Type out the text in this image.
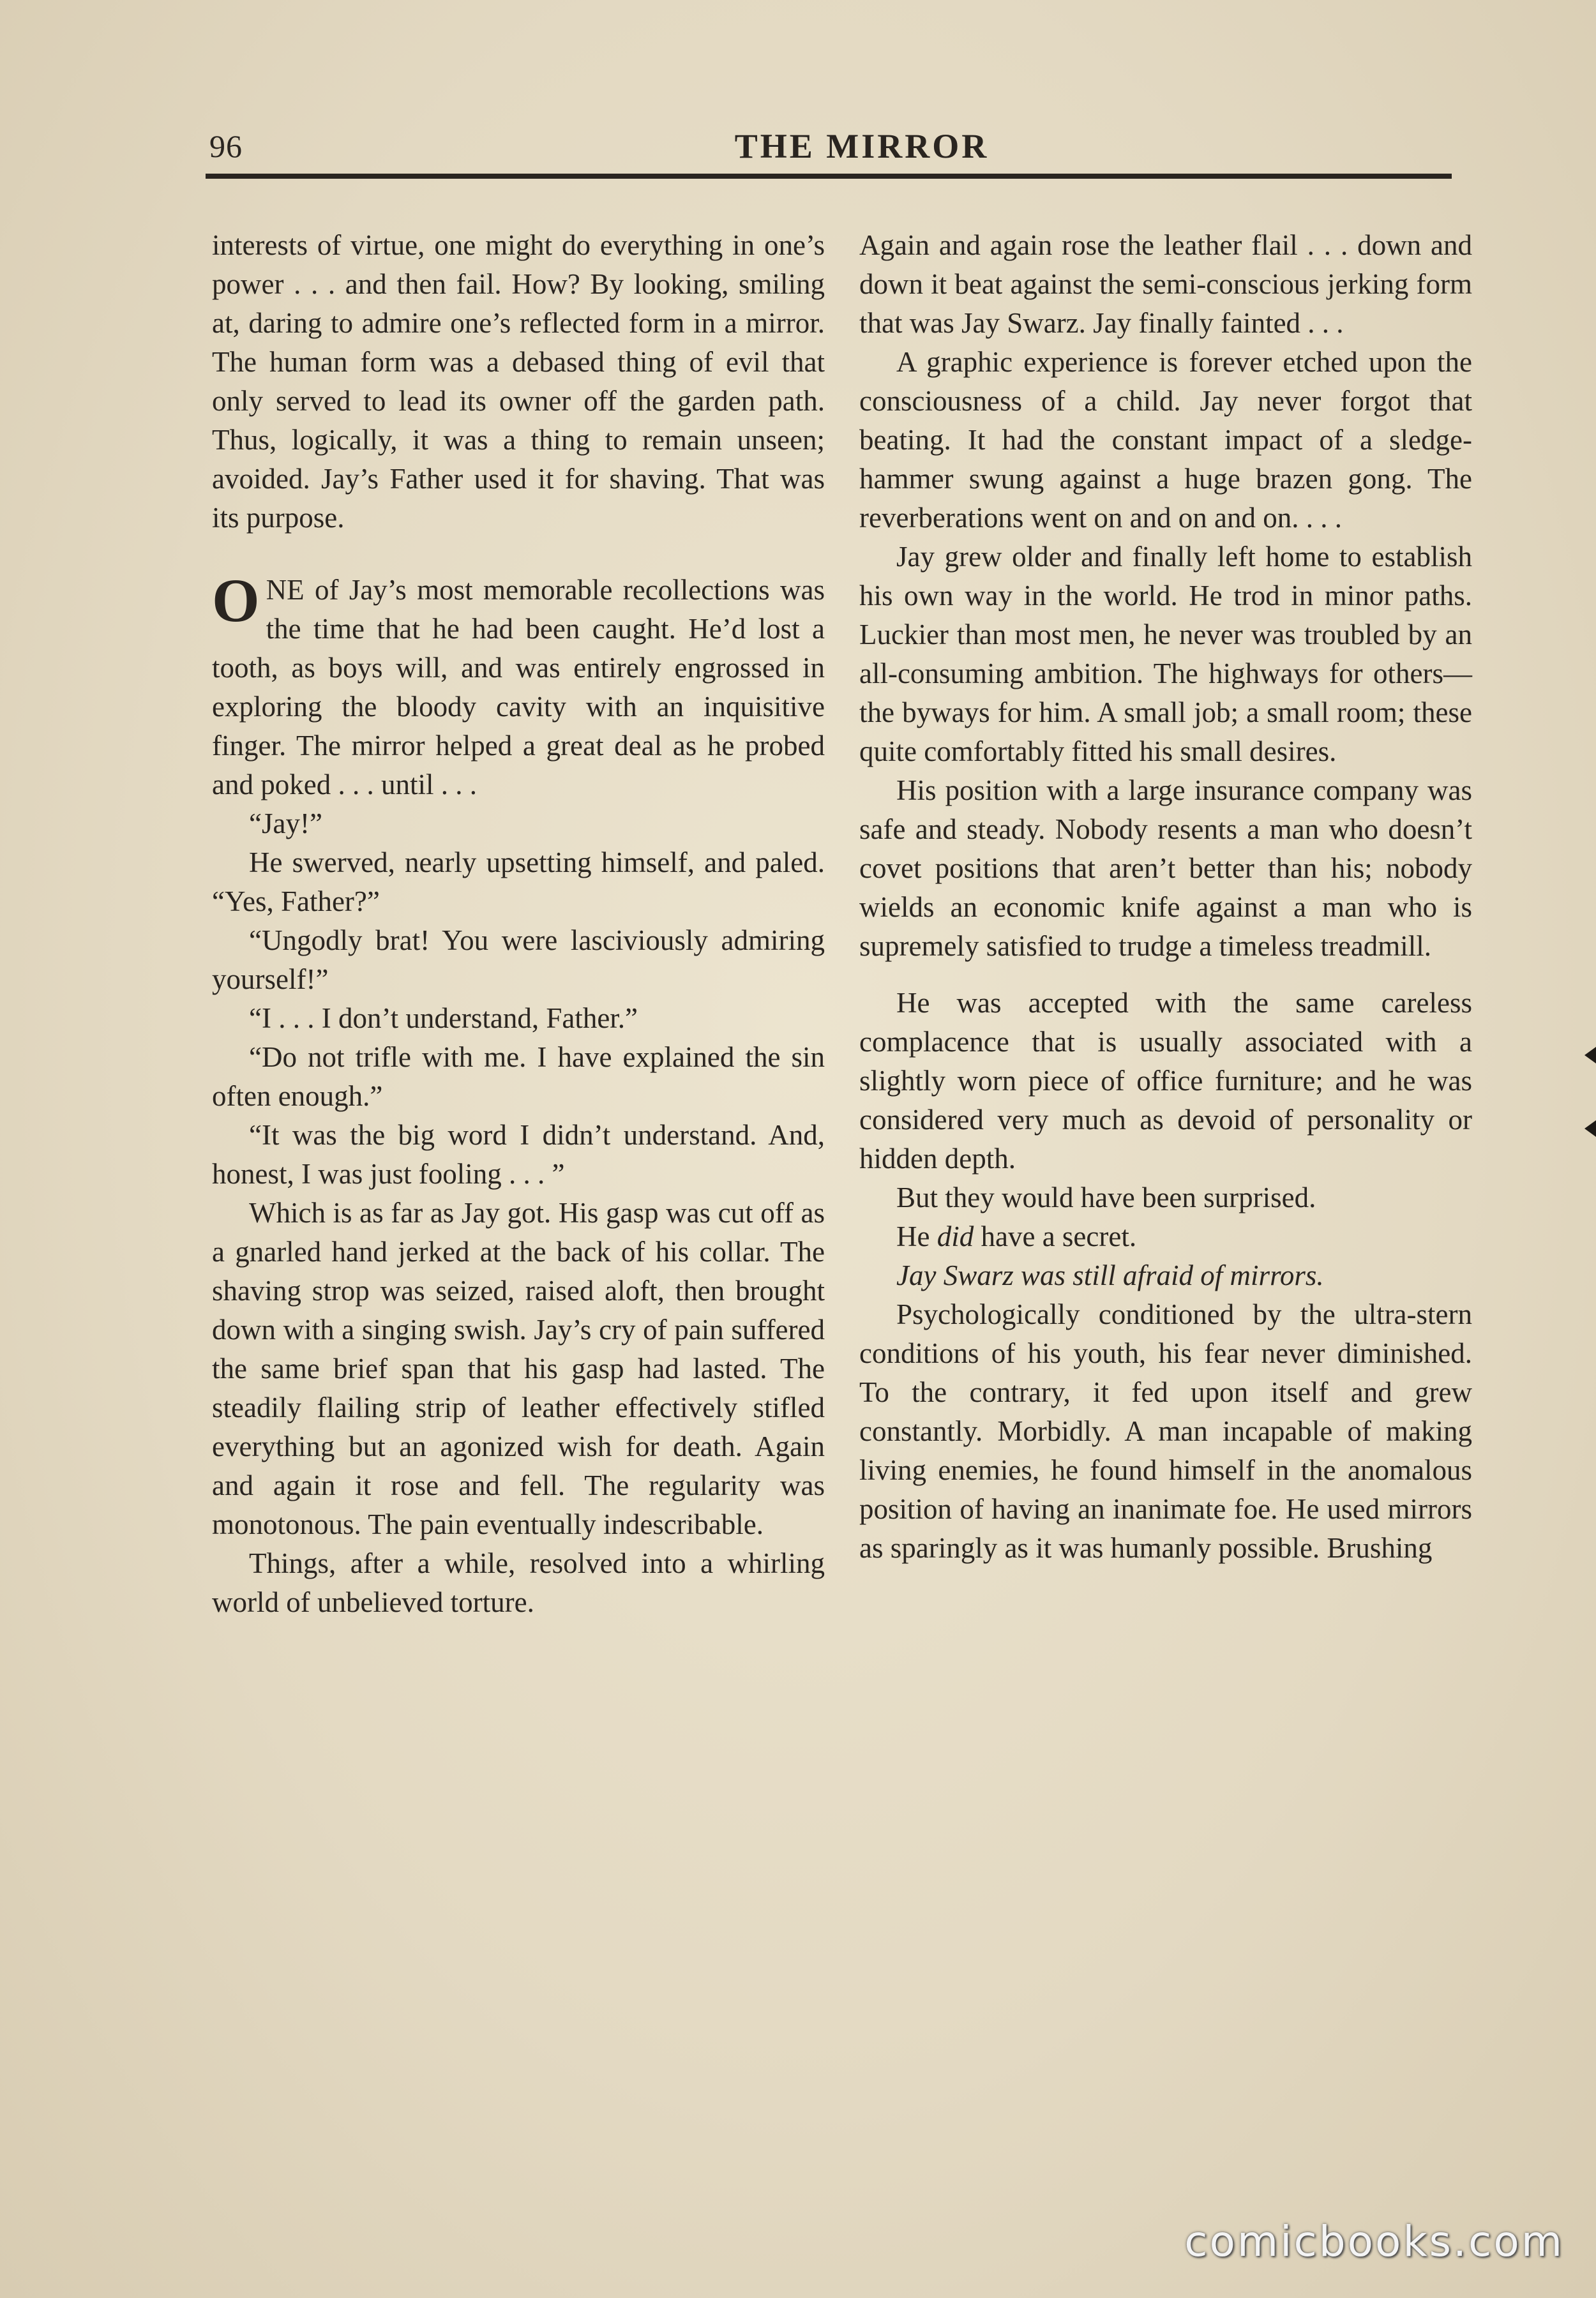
96	THE MIRROR

interests of virtue, one might do everything in one’s power . . . and then fail. How? By looking, smiling at, daring to admire one’s reflected form in a mirror. The human form was a debased thing of evil that only served to lead its owner off the garden path. Thus, logically, it was a thing to remain unseen; avoided. Jay’s Father used it for shaving. That was its purpose.

ONE of Jay’s most memorable recollections was the time that he had been caught. He’d lost a tooth, as boys will, and was entirely engrossed in exploring the bloody cavity with an inquisitive finger. The mirror helped a great deal as he probed and poked . . . until . . .

“Jay!”

He swerved, nearly upsetting himself, and paled. “Yes, Father?”

“Ungodly brat! You were lasciviously admiring yourself!”

“I . . . I don’t understand, Father.”

“Do not trifle with me. I have explained the sin often enough.”

“It was the big word I didn’t understand. And, honest, I was just fooling . . . ”

Which is as far as Jay got. His gasp was cut off as a gnarled hand jerked at the back of his collar. The shaving strop was seized, raised aloft, then brought down with a singing swish. Jay’s cry of pain suffered the same brief span that his gasp had lasted. The steadily flailing strip of leather effectively stifled everything but an agonized wish for death. Again and again it rose and fell. The regularity was monotonous. The pain eventually indescribable.

Things, after a while, resolved into a whirling world of unbelieved torture.

Again and again rose the leather flail . . . down and down it beat against the semi-conscious jerking form that was Jay Swarz. Jay finally fainted . . .

A graphic experience is forever etched upon the consciousness of a child. Jay never forgot that beating. It had the constant impact of a sledge-hammer swung against a huge brazen gong. The reverberations went on and on and on. . . .

Jay grew older and finally left home to establish his own way in the world. He trod in minor paths. Luckier than most men, he never was troubled by an all-consuming ambition. The highways for others—the byways for him. A small job; a small room; these quite comfortably fitted his small desires.

His position with a large insurance company was safe and steady. Nobody resents a man who doesn’t covet positions that aren’t better than his; nobody wields an economic knife against a man who is supremely satisfied to trudge a timeless treadmill.

He was accepted with the same careless complacence that is usually associated with a slightly worn piece of office furniture; and he was considered very much as devoid of personality or hidden depth.

But they would have been surprised.

He did have a secret.

Jay Swarz was still afraid of mirrors.

Psychologically conditioned by the ultra-stern conditions of his youth, his fear never diminished. To the contrary, it fed upon itself and grew constantly. Morbidly. A man incapable of making living enemies, he found himself in the anomalous position of having an inanimate foe. He used mirrors as sparingly as it was humanly possible. Brushing

comicbooks.com
